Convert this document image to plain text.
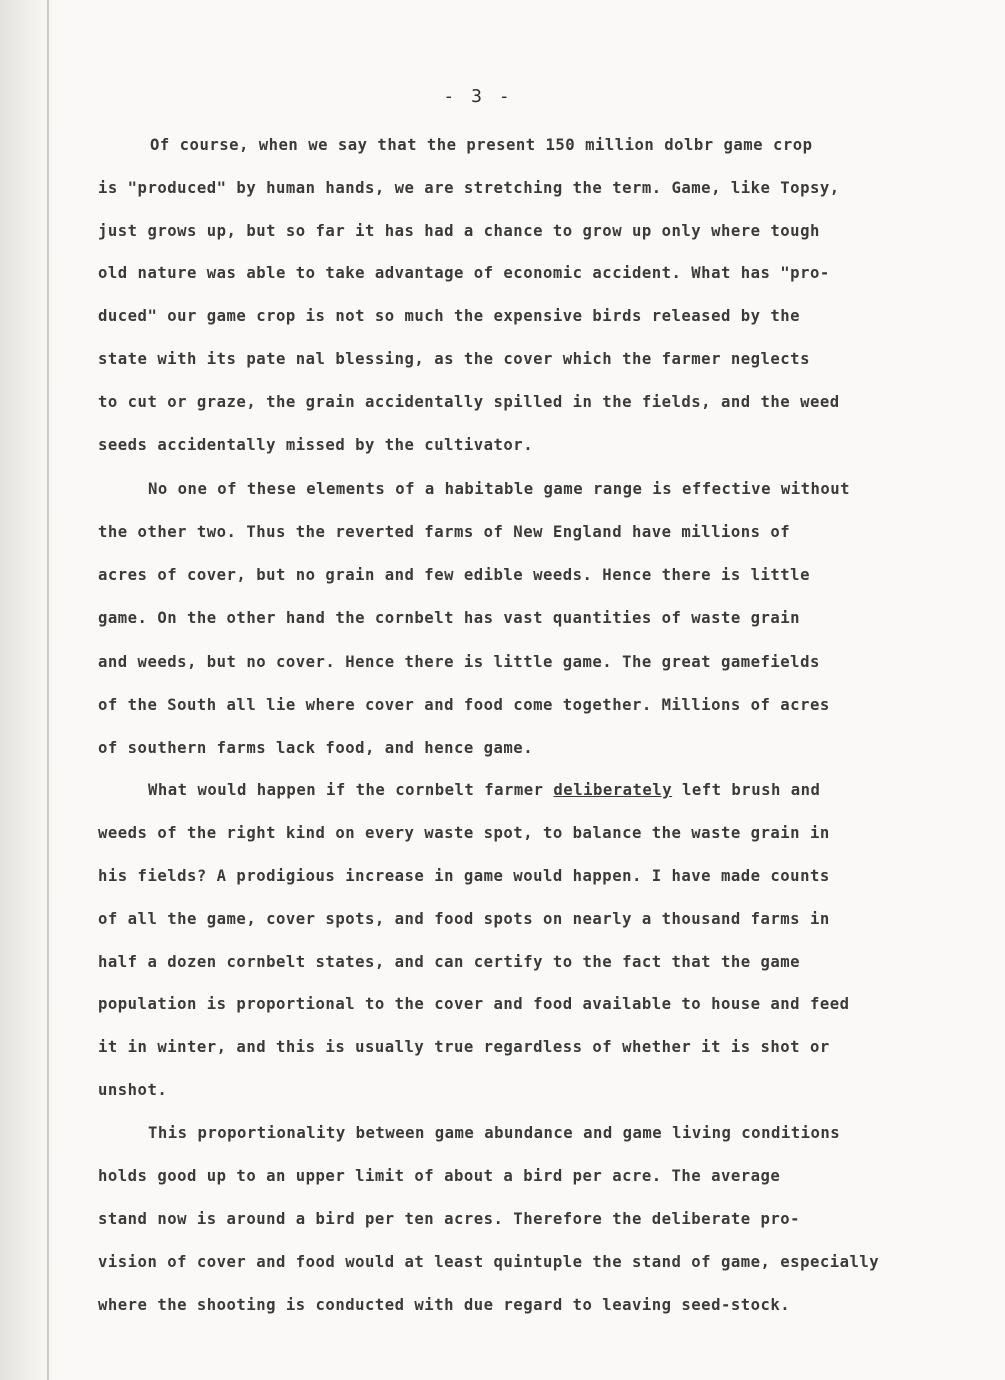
- 3 -
Of course, when we say that the present 150 million dolbr game crop
is "produced" by human hands, we are stretching the term. Game, like Topsy,
just grows up, but so far it has had a chance to grow up only where tough
old nature was able to take advantage of economic accident. What has "pro-
duced" our game crop is not so much the expensive birds released by the
state with its pate nal blessing, as the cover which the farmer neglects
to cut or graze, the grain accidentally spilled in the fields, and the weed
seeds accidentally missed by the cultivator.
No one of these elements of a habitable game range is effective without
the other two. Thus the reverted farms of New England have millions of
acres of cover, but no grain and few edible weeds. Hence there is little
game. On the other hand the cornbelt has vast quantities of waste grain
and weeds, but no cover. Hence there is little game. The great gamefields
of the South all lie where cover and food come together. Millions of acres
of southern farms lack food, and hence game.
What would happen if the cornbelt farmer deliberately left brush and
weeds of the right kind on every waste spot, to balance the waste grain in
his fields? A prodigious increase in game would happen. I have made counts
of all the game, cover spots, and food spots on nearly a thousand farms in
half a dozen cornbelt states, and can certify to the fact that the game
population is proportional to the cover and food available to house and feed
it in winter, and this is usually true regardless of whether it is shot or
unshot.
This proportionality between game abundance and game living conditions
holds good up to an upper limit of about a bird per acre. The average
stand now is around a bird per ten acres. Therefore the deliberate pro-
vision of cover and food would at least quintuple the stand of game, especially
where the shooting is conducted with due regard to leaving seed-stock.
